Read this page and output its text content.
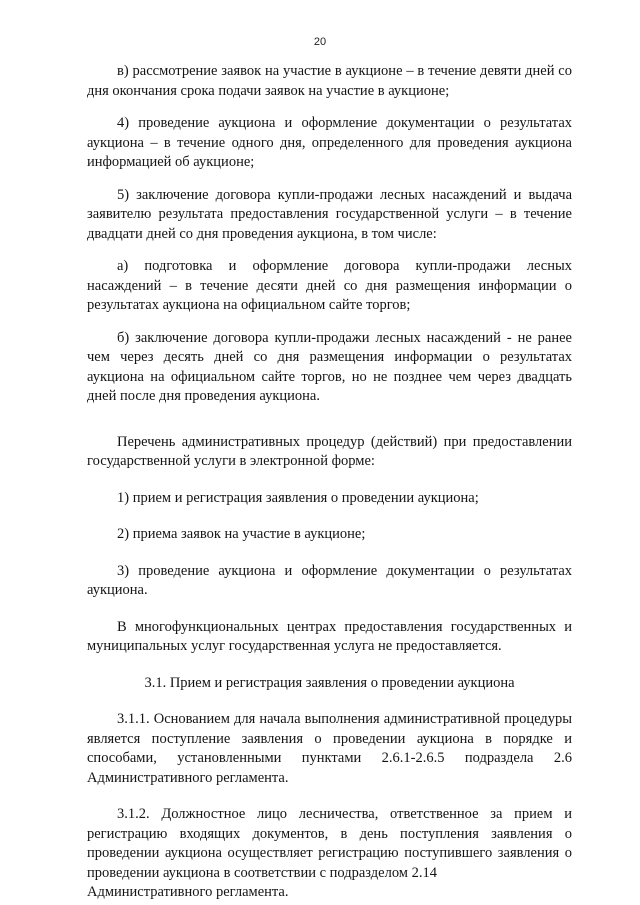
20

в) рассмотрение заявок на участие в аукционе – в течение девяти дней со дня окончания срока подачи заявок на участие в аукционе;

4) проведение аукциона и оформление документации о результатах аукциона – в течение одного дня, определенного для проведения аукциона информацией об аукционе;

5) заключение договора купли-продажи лесных насаждений и выдача заявителю результата предоставления государственной услуги – в течение двадцати дней со дня проведения аукциона, в том числе:

а) подготовка и оформление договора купли-продажи лесных насаждений – в течение десяти дней со дня размещения информации о результатах аукциона на официальном сайте торгов;

б) заключение договора купли-продажи лесных насаждений - не ранее чем через десять дней со дня размещения информации о результатах аукциона на официальном сайте торгов, но не позднее чем через двадцать дней после дня проведения аукциона.

Перечень административных процедур (действий) при предоставлении государственной услуги в электронной форме:

1) прием и регистрация заявления о проведении аукциона;

2) приема заявок на участие в аукционе;

3) проведение аукциона и оформление документации о результатах аукциона.

В многофункциональных центрах предоставления государственных и муниципальных услуг государственная услуга не предоставляется.

3.1. Прием и регистрация заявления о проведении аукциона

3.1.1. Основанием для начала выполнения административной процедуры является поступление заявления о проведении аукциона в порядке и способами, установленными пунктами 2.6.1-2.6.5 подраздела 2.6 Административного регламента.

3.1.2. Должностное лицо лесничества, ответственное за прием и регистрацию входящих документов, в день поступления заявления о проведении аукциона осуществляет регистрацию поступившего заявления о проведении аукциона в соответствии с подразделом 2.14

Административного регламента.
